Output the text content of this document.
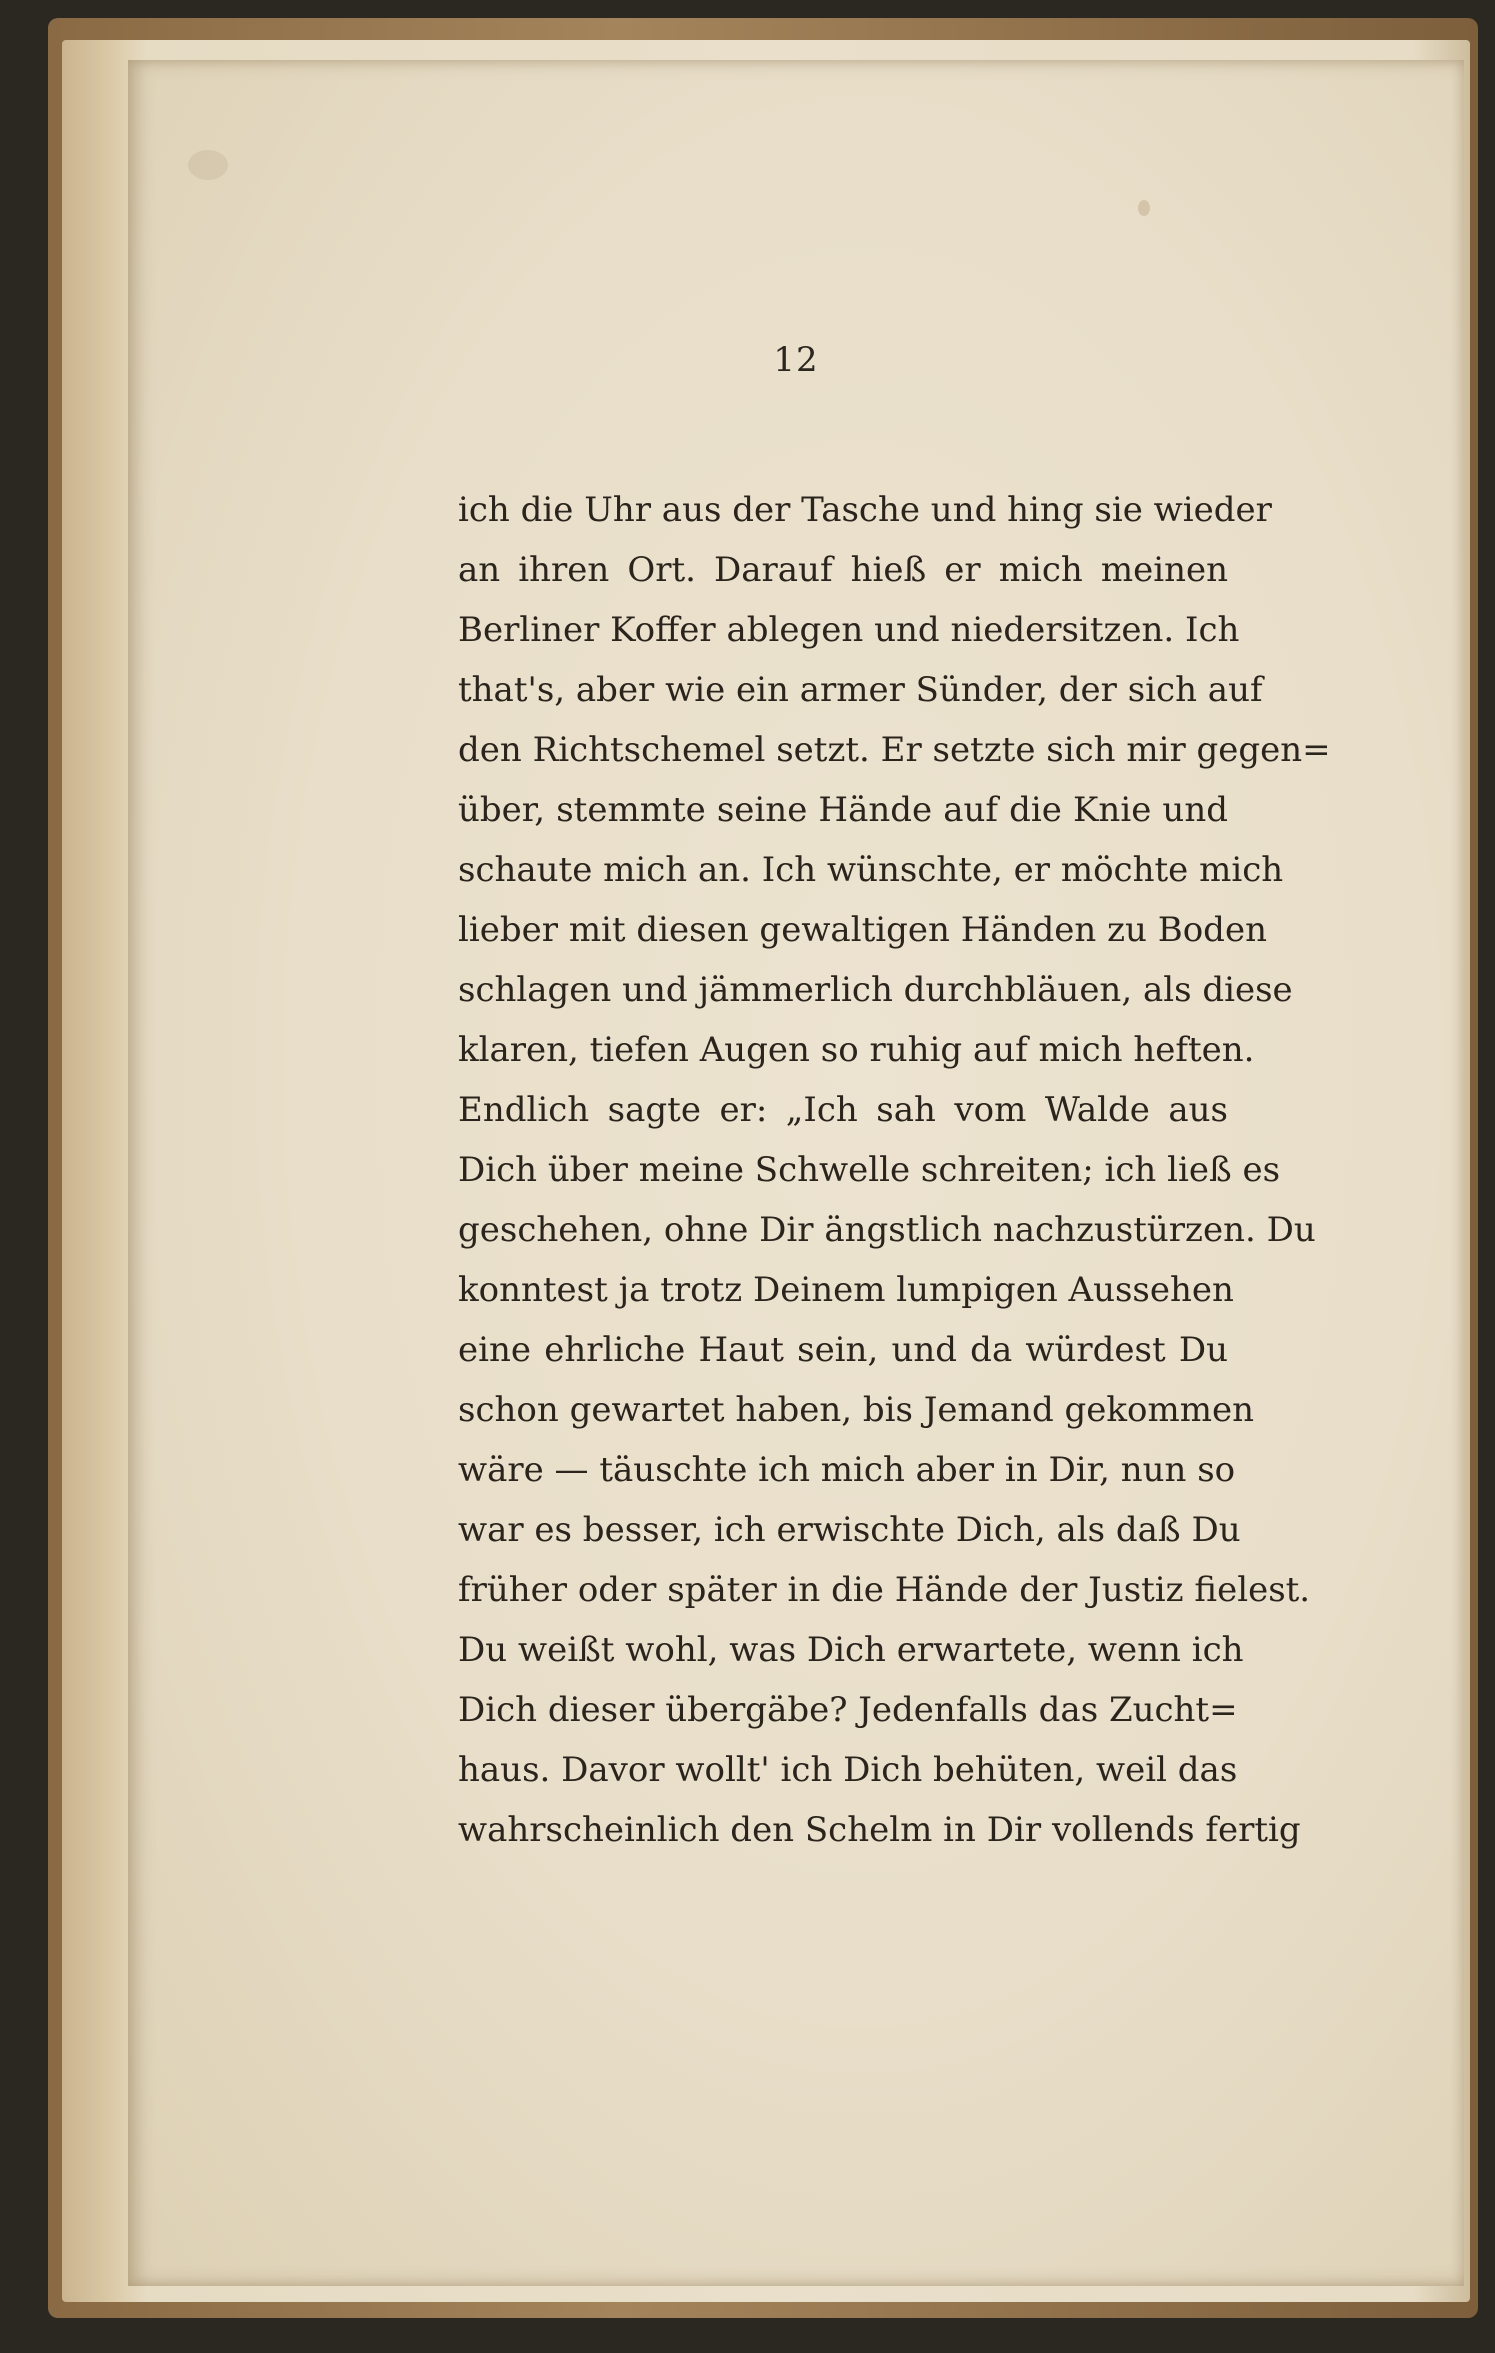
12
ich die Uhr aus der Tasche und hing sie wieder
an ihren Ort. Darauf hieß er mich meinen
Berliner Koffer ablegen und niedersitzen. Ich
that's, aber wie ein armer Sünder, der sich auf
den Richtschemel setzt. Er setzte sich mir gegen=
über, stemmte seine Hände auf die Knie und
schaute mich an. Ich wünschte, er möchte mich
lieber mit diesen gewaltigen Händen zu Boden
schlagen und jämmerlich durchbläuen, als diese
klaren, tiefen Augen so ruhig auf mich heften.
Endlich sagte er: „Ich sah vom Walde aus
Dich über meine Schwelle schreiten; ich ließ es
geschehen, ohne Dir ängstlich nachzustürzen. Du
konntest ja trotz Deinem lumpigen Aussehen
eine ehrliche Haut sein, und da würdest Du
schon gewartet haben, bis Jemand gekommen
wäre — täuschte ich mich aber in Dir, nun so
war es besser, ich erwischte Dich, als daß Du
früher oder später in die Hände der Justiz fielest.
Du weißt wohl, was Dich erwartete, wenn ich
Dich dieser übergäbe? Jedenfalls das Zucht=
haus. Davor wollt' ich Dich behüten, weil das
wahrscheinlich den Schelm in Dir vollends fertig
